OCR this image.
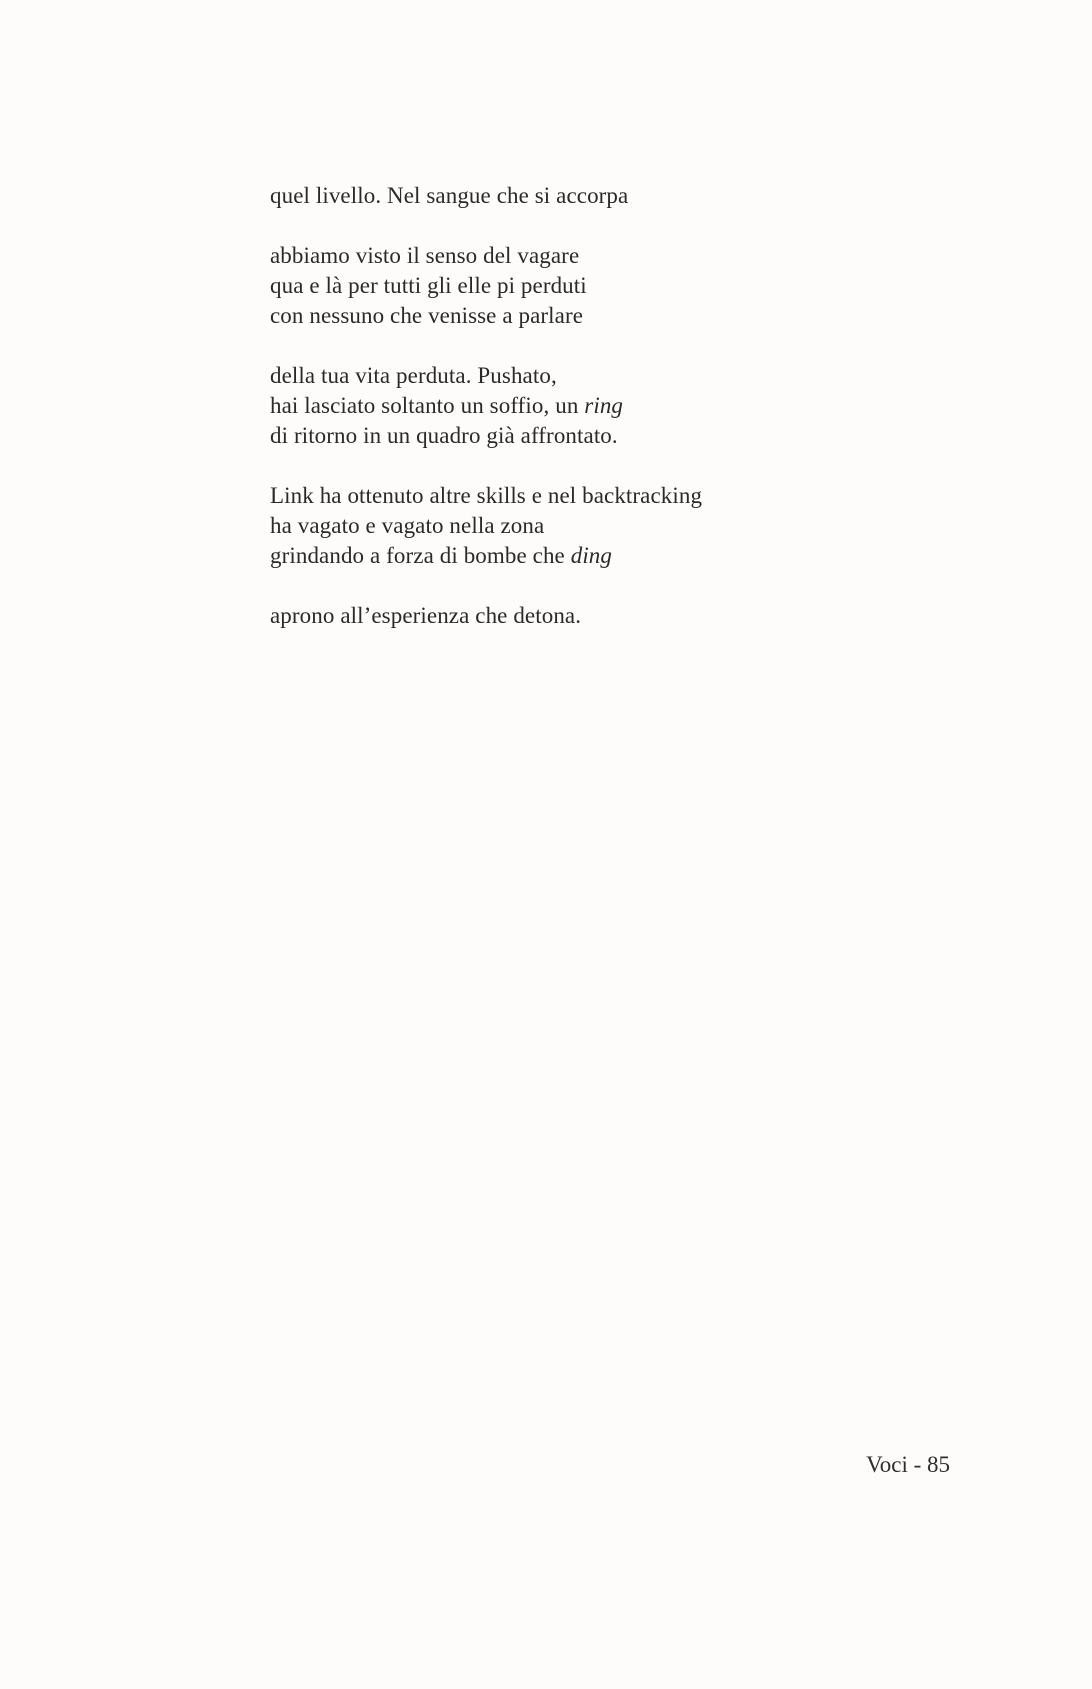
quel livello. Nel sangue che si accorpa
abbiamo visto il senso del vagare
qua e là per tutti gli elle pi perduti
con nessuno che venisse a parlare
della tua vita perduta. Pushato,
hai lasciato soltanto un soffio, un ring
di ritorno in un quadro già affrontato.
Link ha ottenuto altre skills e nel backtracking
ha vagato e vagato nella zona
grindando a forza di bombe che ding
aprono all’esperienza che detona.
Voci - 85
